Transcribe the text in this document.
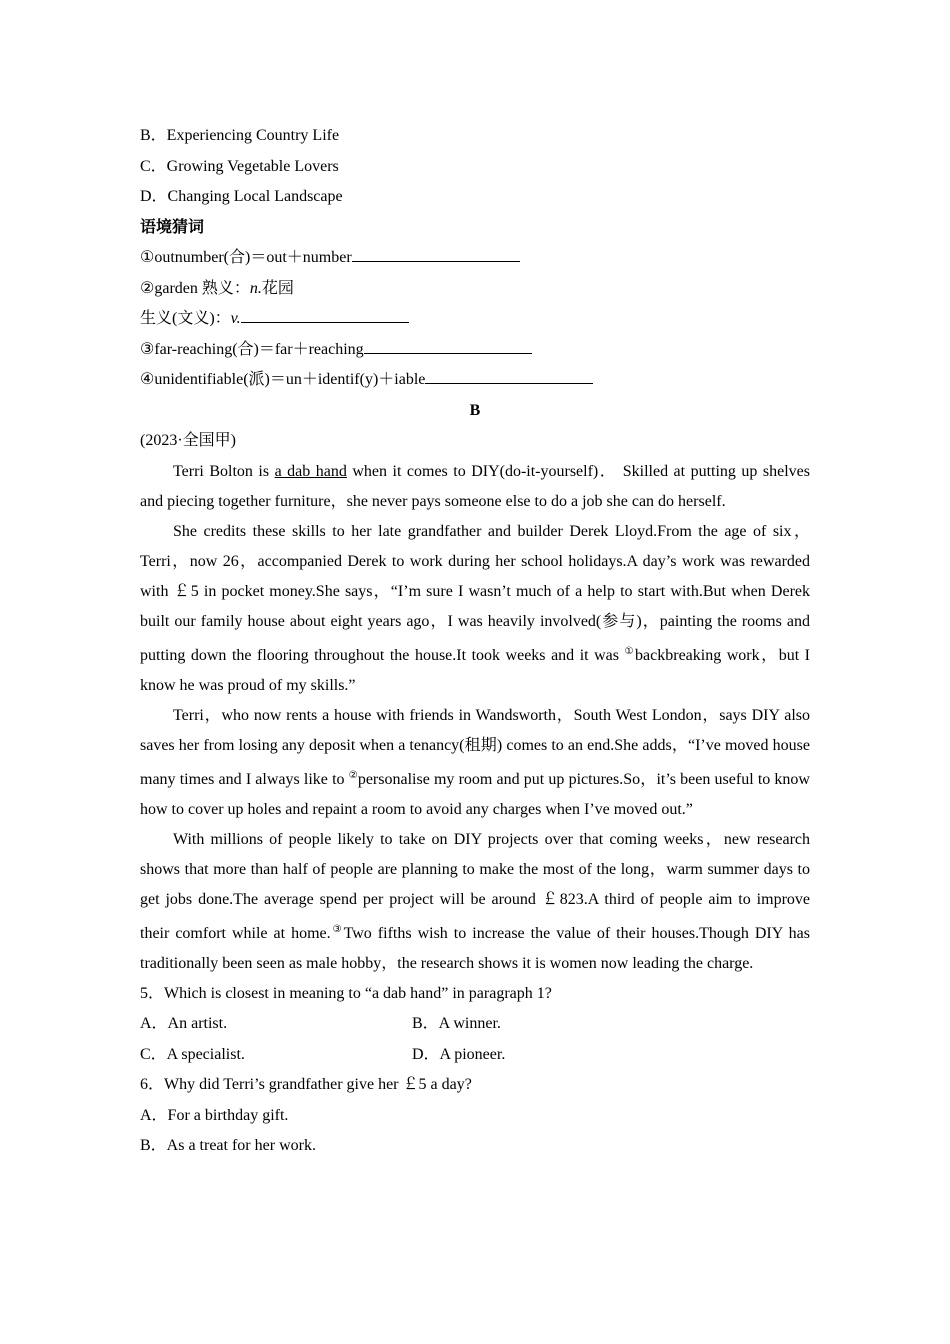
B．Experiencing Country Life
C．Growing Vegetable Lovers
D．Changing Local Landscape
语境猜词
①outnumber(合)＝out＋number
②garden 熟义：n.花园
生义(文义)：v.
③far-reaching(合)＝far＋reaching
④unidentifiable(派)＝un＋identif(y)＋iable
B
(2023·全国甲)

Terri Bolton is a dab hand when it comes to DIY(do-it-yourself)． Skilled at putting up shelves and piecing together furniture，she never pays someone else to do a job she can do herself.

She credits these skills to her late grandfather and builder Derek Lloyd.From the age of six，Terri，now 26，accompanied Derek to work during her school holidays.A day’s work was rewarded with ￡5 in pocket money.She says，“I’m sure I wasn’t much of a help to start with.But when Derek built our family house about eight years ago，I was heavily involved(参与)，painting the rooms and putting down the flooring throughout the house.It took weeks and it was ①backbreaking work，but I know he was proud of my skills.”

Terri，who now rents a house with friends in Wandsworth，South West London，says DIY also saves her from losing any deposit when a tenancy(租期) comes to an end.She adds，“I’ve moved house many times and I always like to ②personalise my room and put up pictures.So，it’s been useful to know how to cover up holes and repaint a room to avoid any charges when I’ve moved out.”

With millions of people likely to take on DIY projects over that coming weeks，new research shows that more than half of people are planning to make the most of the long，warm summer days to get jobs done.The average spend per project will be around ￡823.A third of people aim to improve their comfort while at home.③Two fifths wish to increase the value of their houses.Though DIY has traditionally been seen as male hobby，the research shows it is women now leading the charge.

5．Which is closest in meaning to “a dab hand” in paragraph 1?
A．An artist.	B．A winner.
C．A specialist.	D．A pioneer.
6．Why did Terri’s grandfather give her ￡5 a day?
A．For a birthday gift.
B．As a treat for her work.
